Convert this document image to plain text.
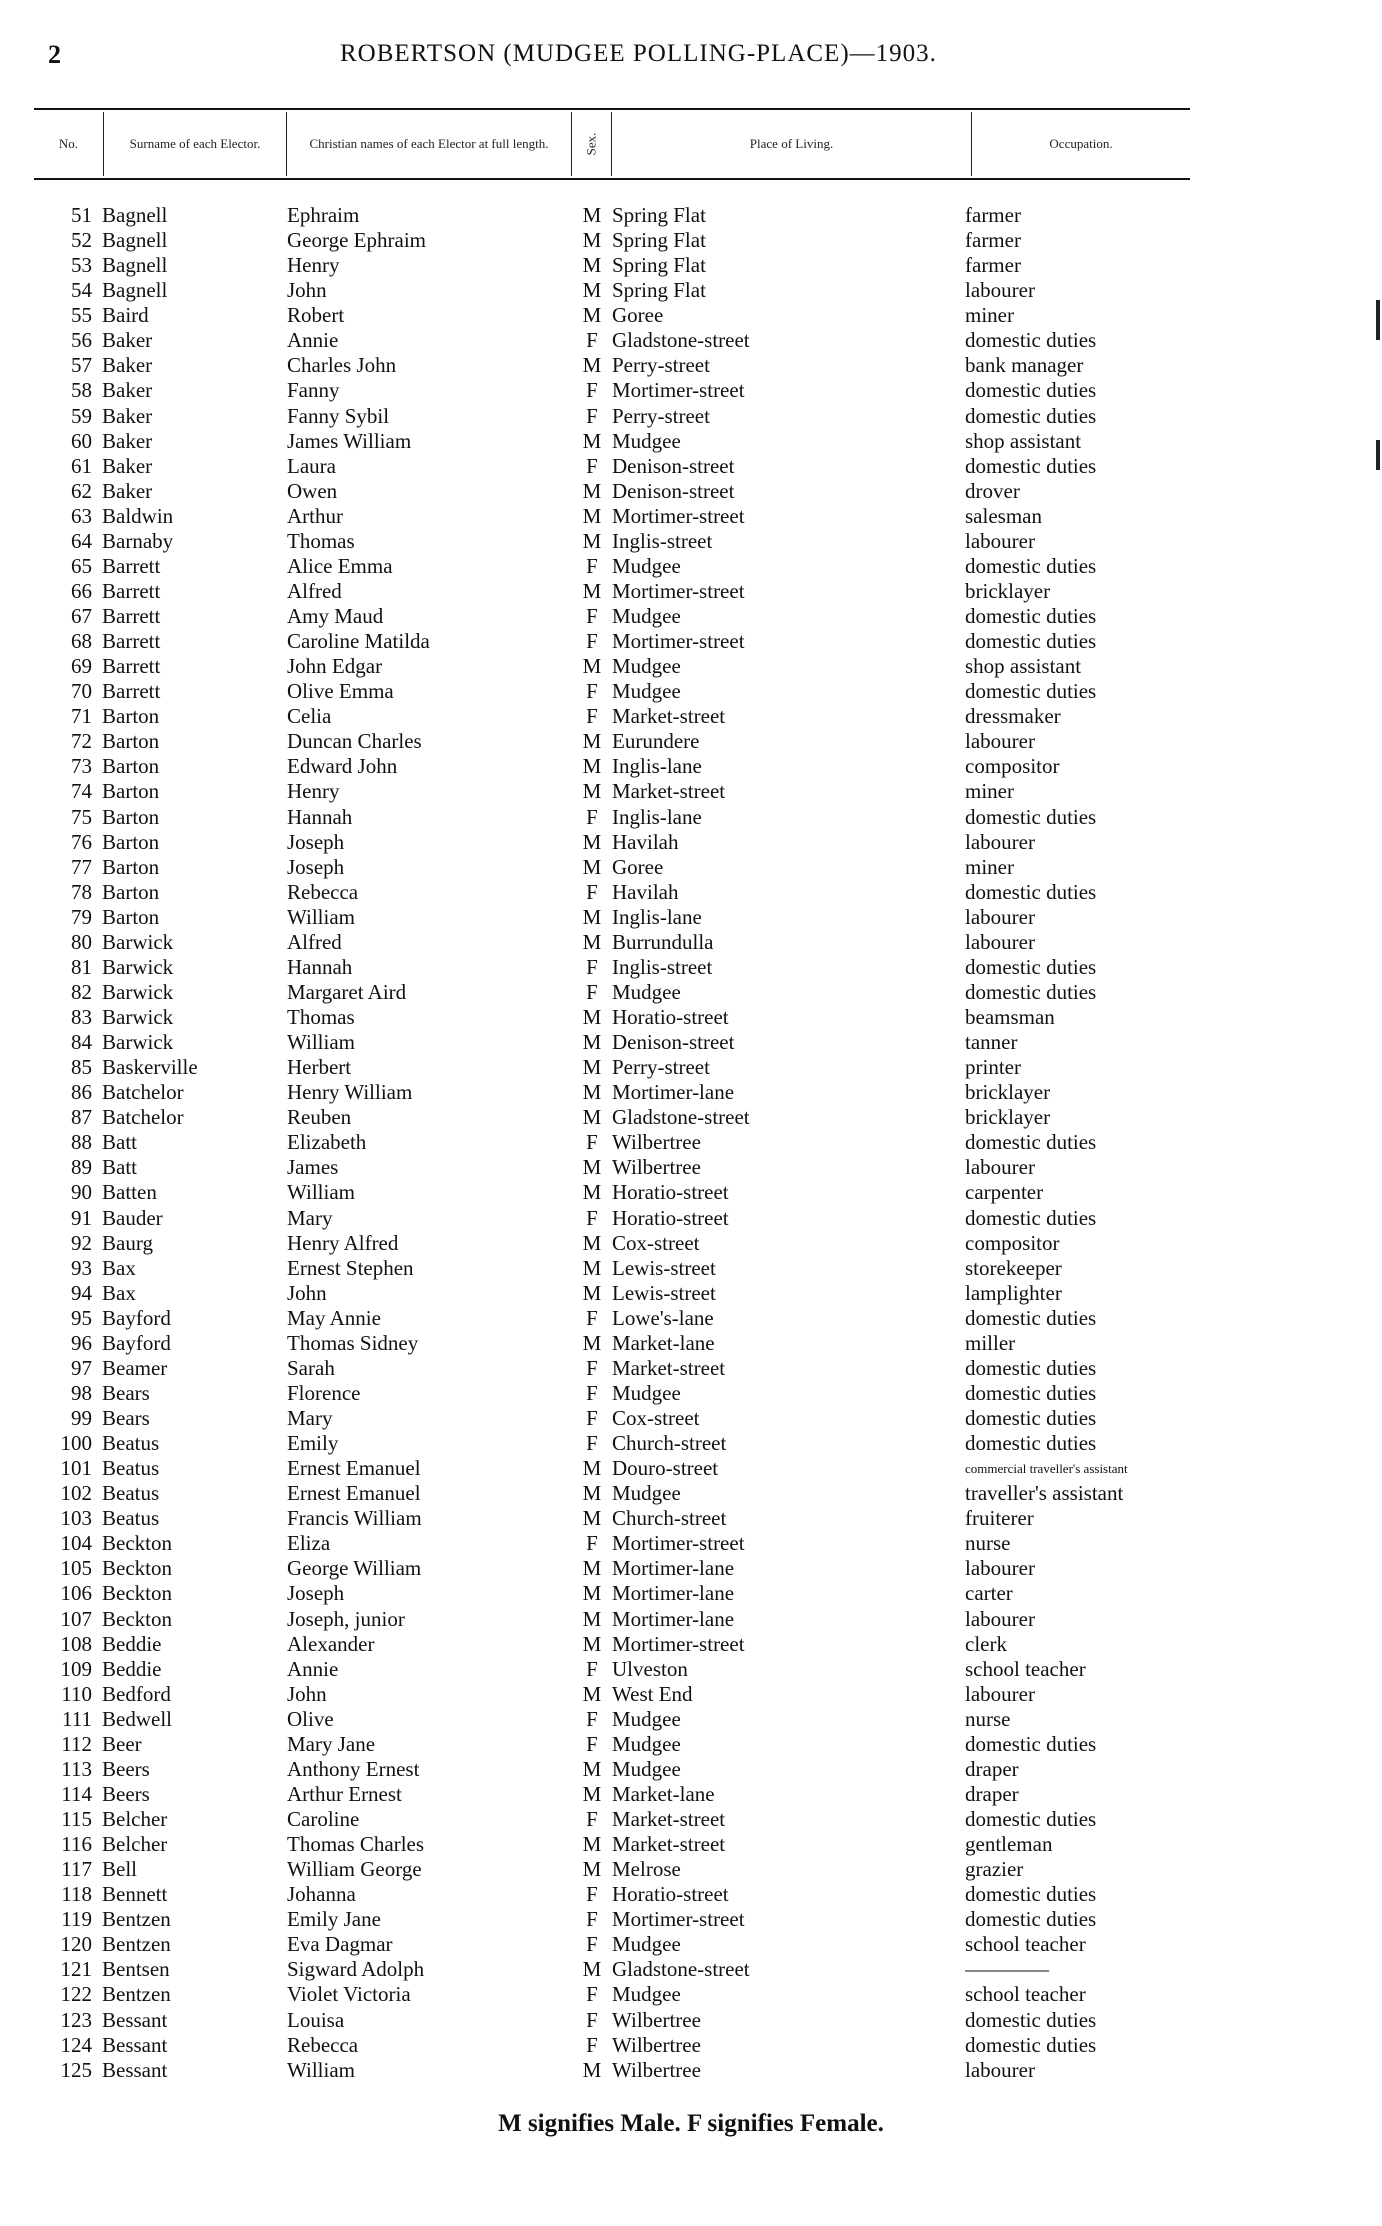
2	ROBERTSON (MUDGEE POLLING-PLACE)—1903.
No.	Surname of each Elector.	Christian names of each Elector at full length.	Sex.	Place of Living.	Occupation.
51 Bagnell	Ephraim	M Spring Flat	farmer
52 Bagnell	George Ephraim	M Spring Flat	farmer
53 Bagnell	Henry	M Spring Flat	farmer
54 Bagnell	John	M Spring Flat	labourer
55 Baird	Robert	M Goree	miner
56 Baker	Annie	F Gladstone-street	domestic duties
57 Baker	Charles John	M Perry-street	bank manager
58 Baker	Fanny	F Mortimer-street	domestic duties
59 Baker	Fanny Sybil	F Perry-street	domestic duties
60 Baker	James William	M Mudgee	shop assistant
61 Baker	Laura	F Denison-street	domestic duties
62 Baker	Owen	M Denison-street	drover
63 Baldwin	Arthur	M Mortimer-street	salesman
64 Barnaby	Thomas	M Inglis-street	labourer
65 Barrett	Alice Emma	F Mudgee	domestic duties
66 Barrett	Alfred	M Mortimer-street	bricklayer
67 Barrett	Amy Maud	F Mudgee	domestic duties
68 Barrett	Caroline Matilda	F Mortimer-street	domestic duties
69 Barrett	John Edgar	M Mudgee	shop assistant
70 Barrett	Olive Emma	F Mudgee	domestic duties
71 Barton	Celia	F Market-street	dressmaker
72 Barton	Duncan Charles	M Eurundere	labourer
73 Barton	Edward John	M Inglis-lane	compositor
74 Barton	Henry	M Market-street	miner
75 Barton	Hannah	F Inglis-lane	domestic duties
76 Barton	Joseph	M Havilah	labourer
77 Barton	Joseph	M Goree	miner
78 Barton	Rebecca	F Havilah	domestic duties
79 Barton	William	M Inglis-lane	labourer
80 Barwick	Alfred	M Burrundulla	labourer
81 Barwick	Hannah	F Inglis-street	domestic duties
82 Barwick	Margaret Aird	F Mudgee	domestic duties
83 Barwick	Thomas	M Horatio-street	beamsman
84 Barwick	William	M Denison-street	tanner
85 Baskerville	Herbert	M Perry-street	printer
86 Batchelor	Henry William	M Mortimer-lane	bricklayer
87 Batchelor	Reuben	M Gladstone-street	bricklayer
88 Batt	Elizabeth	F Wilbertree	domestic duties
89 Batt	James	M Wilbertree	labourer
90 Batten	William	M Horatio-street	carpenter
91 Bauder	Mary	F Horatio-street	domestic duties
92 Baurg	Henry Alfred	M Cox-street	compositor
93 Bax	Ernest Stephen	M Lewis-street	storekeeper
94 Bax	John	M Lewis-street	lamplighter
95 Bayford	May Annie	F Lowe's-lane	domestic duties
96 Bayford	Thomas Sidney	M Market-lane	miller
97 Beamer	Sarah	F Market-street	domestic duties
98 Bears	Florence	F Mudgee	domestic duties
99 Bears	Mary	F Cox-street	domestic duties
100 Beatus	Emily	F Church-street	domestic duties
101 Beatus	Ernest Emanuel	M Douro-street	commercial traveller's assistant
102 Beatus	Ernest Emanuel	M Mudgee	traveller's assistant
103 Beatus	Francis William	M Church-street	fruiterer
104 Beckton	Eliza	F Mortimer-street	nurse
105 Beckton	George William	M Mortimer-lane	labourer
106 Beckton	Joseph	M Mortimer-lane	carter
107 Beckton	Joseph, junior	M Mortimer-lane	labourer
108 Beddie	Alexander	M Mortimer-street	clerk
109 Beddie	Annie	F Ulveston	school teacher
110 Bedford	John	M West End	labourer
111 Bedwell	Olive	F Mudgee	nurse
112 Beer	Mary Jane	F Mudgee	domestic duties
113 Beers	Anthony Ernest	M Mudgee	draper
114 Beers	Arthur Ernest	M Market-lane	draper
115 Belcher	Caroline	F Market-street	domestic duties
116 Belcher	Thomas Charles	M Market-street	gentleman
117 Bell	William George	M Melrose	grazier
118 Bennett	Johanna	F Horatio-street	domestic duties
119 Bentzen	Emily Jane	F Mortimer-street	domestic duties
120 Bentzen	Eva Dagmar	F Mudgee	school teacher
121 Bentsen	Sigward Adolph	M Gladstone-street	————
122 Bentzen	Violet Victoria	F Mudgee	school teacher
123 Bessant	Louisa	F Wilbertree	domestic duties
124 Bessant	Rebecca	F Wilbertree	domestic duties
125 Bessant	William	M Wilbertree	labourer
M signifies Male. F signifies Female.
